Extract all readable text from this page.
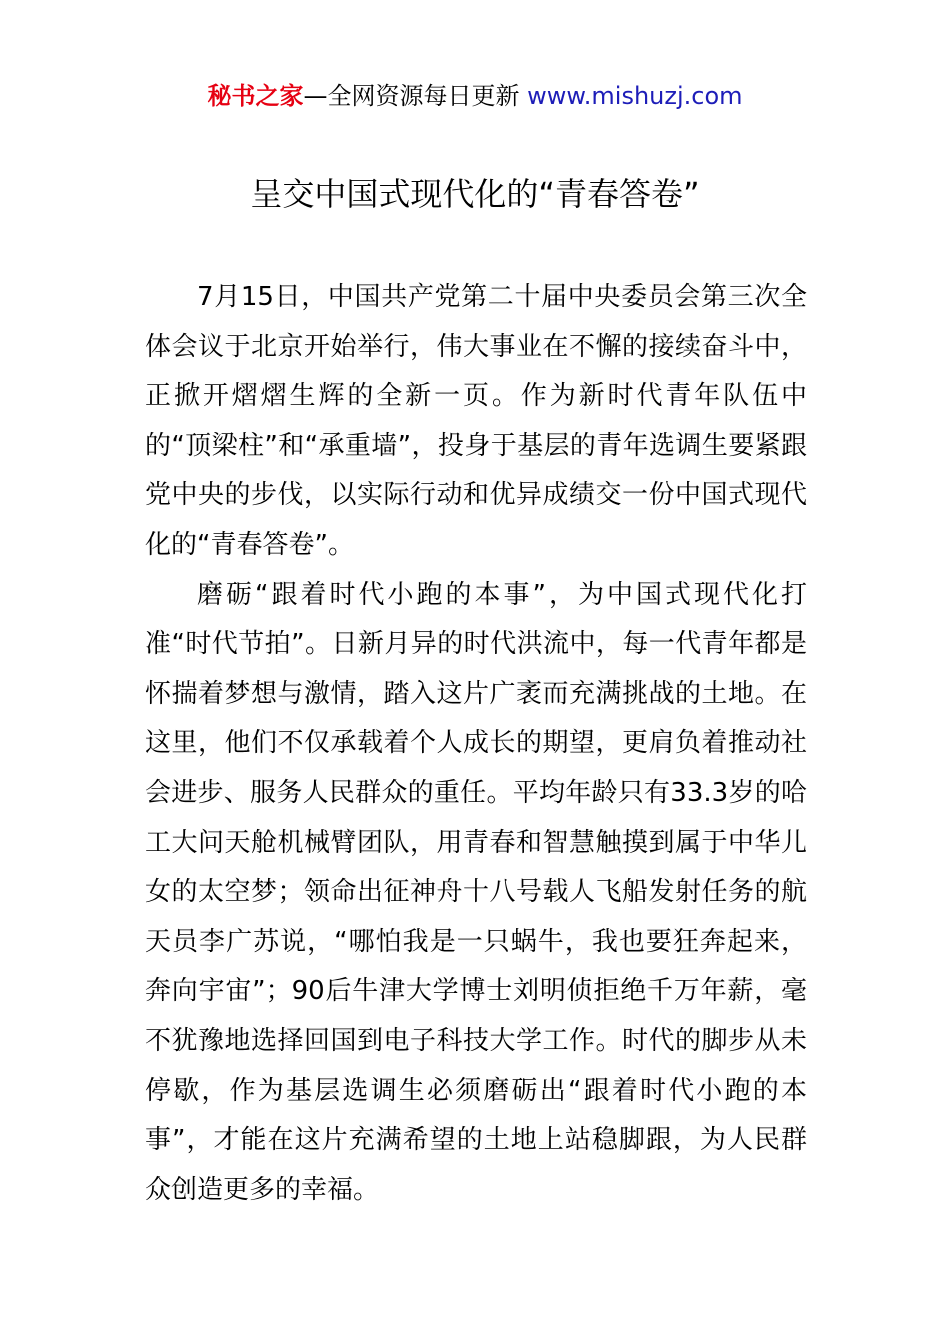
秘书之家—全网资源每日更新 www.mishuzj.com
呈交中国式现代化的“青春答卷”

7月15日，中国共产党第二十届中央委员会第三次全体会议于北京开始举行，伟大事业在不懈的接续奋斗中，正掀开熠熠生辉的全新一页。作为新时代青年队伍中的“顶梁柱”和“承重墙”，投身于基层的青年选调生要紧跟党中央的步伐，以实际行动和优异成绩交一份中国式现代化的“青春答卷”。

磨砺“跟着时代小跑的本事”，为中国式现代化打准“时代节拍”。日新月异的时代洪流中，每一代青年都是怀揣着梦想与激情，踏入这片广袤而充满挑战的土地。在这里，他们不仅承载着个人成长的期望，更肩负着推动社会进步、服务人民群众的重任。平均年龄只有33.3岁的哈工大问天舱机械臂团队，用青春和智慧触摸到属于中华儿女的太空梦；领命出征神舟十八号载人飞船发射任务的航天员李广苏说，“哪怕我是一只蜗牛，我也要狂奔起来，奔向宇宙”；90后牛津大学博士刘明侦拒绝千万年薪，毫不犹豫地选择回国到电子科技大学工作。时代的脚步从未停歇，作为基层选调生必须磨砺出“跟着时代小跑的本事”，才能在这片充满希望的土地上站稳脚跟，为人民群众创造更多的幸福。
